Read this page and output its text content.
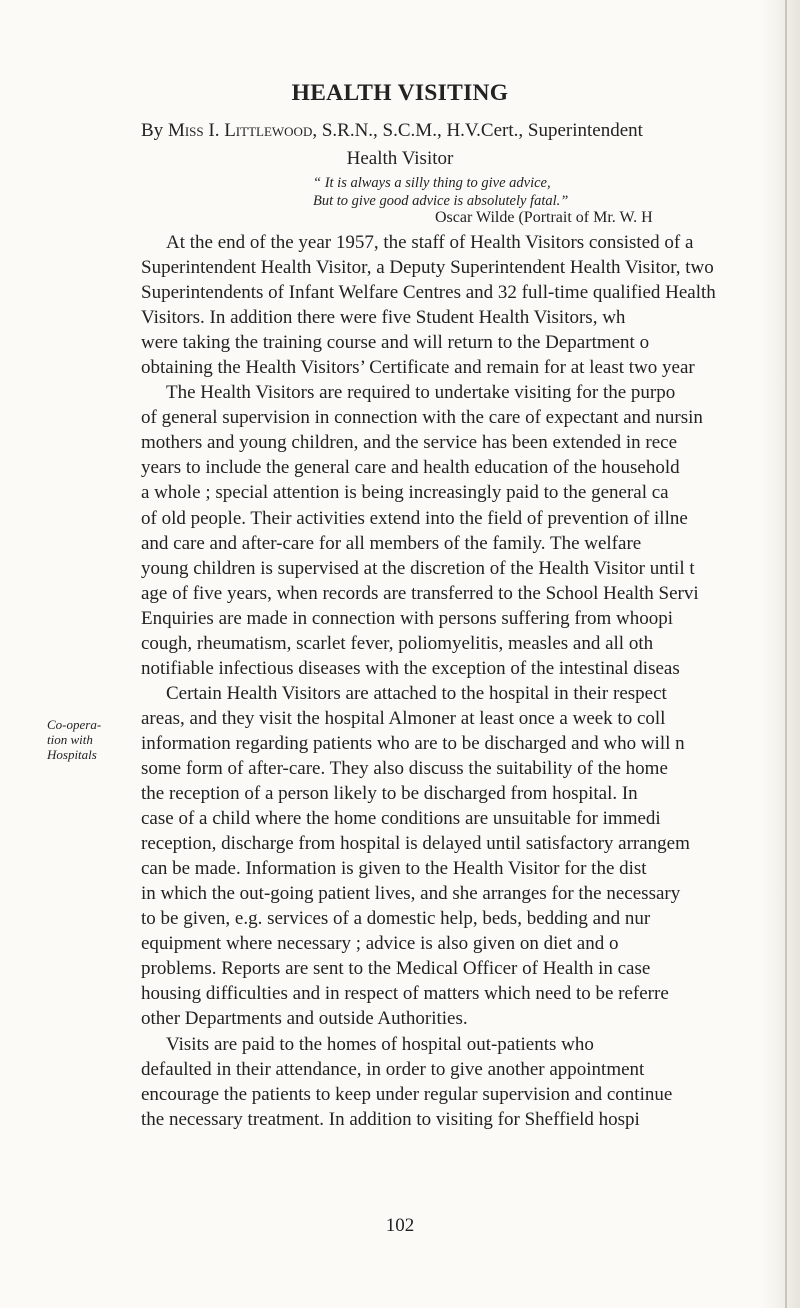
HEALTH VISITING
By Miss I. Littlewood, S.R.N., S.C.M., H.V.Cert., Superintendent
Health Visitor
“ It is always a silly thing to give advice,
But to give good advice is absolutely fatal.”
Oscar Wilde (Portrait of Mr. W. H
At the end of the year 1957, the staff of Health Visitors consisted of a
Superintendent Health Visitor, a Deputy Superintendent Health Visitor, two
Superintendents of Infant Welfare Centres and 32 full-time qualified Health
Visitors. In addition there were five Student Health Visitors, wh
were taking the training course and will return to the Department o
obtaining the Health Visitors’ Certificate and remain for at least two year
The Health Visitors are required to undertake visiting for the purpo
of general supervision in connection with the care of expectant and nursin
mothers and young children, and the service has been extended in rece
years to include the general care and health education of the household
a whole ; special attention is being increasingly paid to the general ca
of old people. Their activities extend into the field of prevention of illne
and care and after-care for all members of the family. The welfare
young children is supervised at the discretion of the Health Visitor until t
age of five years, when records are transferred to the School Health Servi
Enquiries are made in connection with persons suffering from whoopi
cough, rheumatism, scarlet fever, poliomyelitis, measles and all oth
notifiable infectious diseases with the exception of the intestinal diseas
Certain Health Visitors are attached to the hospital in their respect
areas, and they visit the hospital Almoner at least once a week to coll
information regarding patients who are to be discharged and who will n
some form of after-care. They also discuss the suitability of the home
the reception of a person likely to be discharged from hospital. In
case of a child where the home conditions are unsuitable for immedi
reception, discharge from hospital is delayed until satisfactory arrangem
can be made. Information is given to the Health Visitor for the dist
in which the out-going patient lives, and she arranges for the necessary
to be given, e.g. services of a domestic help, beds, bedding and nur
equipment where necessary ; advice is also given on diet and o
problems. Reports are sent to the Medical Officer of Health in case
housing difficulties and in respect of matters which need to be referre
other Departments and outside Authorities.
Visits are paid to the homes of hospital out-patients who
defaulted in their attendance, in order to give another appointment
encourage the patients to keep under regular supervision and continue
the necessary treatment. In addition to visiting for Sheffield hospi
Co-opera-
tion with
Hospitals
102
